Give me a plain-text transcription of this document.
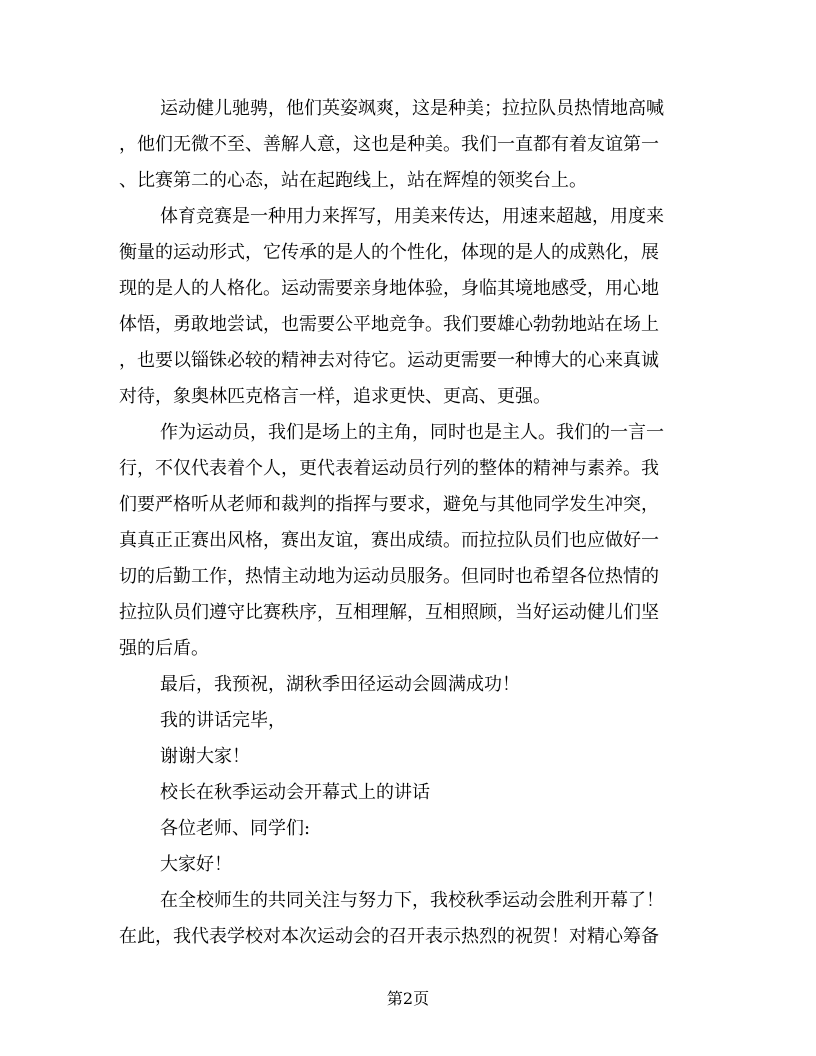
运动健儿驰骋，他们英姿飒爽，这是种美；拉拉队员热情地高喊
，他们无微不至、善解人意，这也是种美。我们一直都有着友谊第一
、比赛第二的心态，站在起跑线上，站在辉煌的领奖台上。
体育竞赛是一种用力来挥写，用美来传达，用速来超越，用度来
衡量的运动形式，它传承的是人的个性化，体现的是人的成熟化，展
现的是人的人格化。运动需要亲身地体验，身临其境地感受，用心地
体悟，勇敢地尝试，也需要公平地竞争。我们要雄心勃勃地站在场上
，也要以锱铢必较的精神去对待它。运动更需要一种博大的心来真诚
对待，象奥林匹克格言一样，追求更快、更高、更强。
作为运动员，我们是场上的主角，同时也是主人。我们的一言一
行，不仅代表着个人，更代表着运动员行列的整体的精神与素养。我
们要严格听从老师和裁判的指挥与要求，避免与其他同学发生冲突，
真真正正赛出风格，赛出友谊，赛出成绩。而拉拉队员们也应做好一
切的后勤工作，热情主动地为运动员服务。但同时也希望各位热情的
拉拉队员们遵守比赛秩序，互相理解，互相照顾，当好运动健儿们坚
强的后盾。
最后，我预祝，湖秋季田径运动会圆满成功！
我的讲话完毕，
谢谢大家！
校长在秋季运动会开幕式上的讲话
各位老师、同学们:
大家好！
在全校师生的共同关注与努力下，我校秋季运动会胜利开幕了！
在此，我代表学校对本次运动会的召开表示热烈的祝贺！对精心筹备
第2页
